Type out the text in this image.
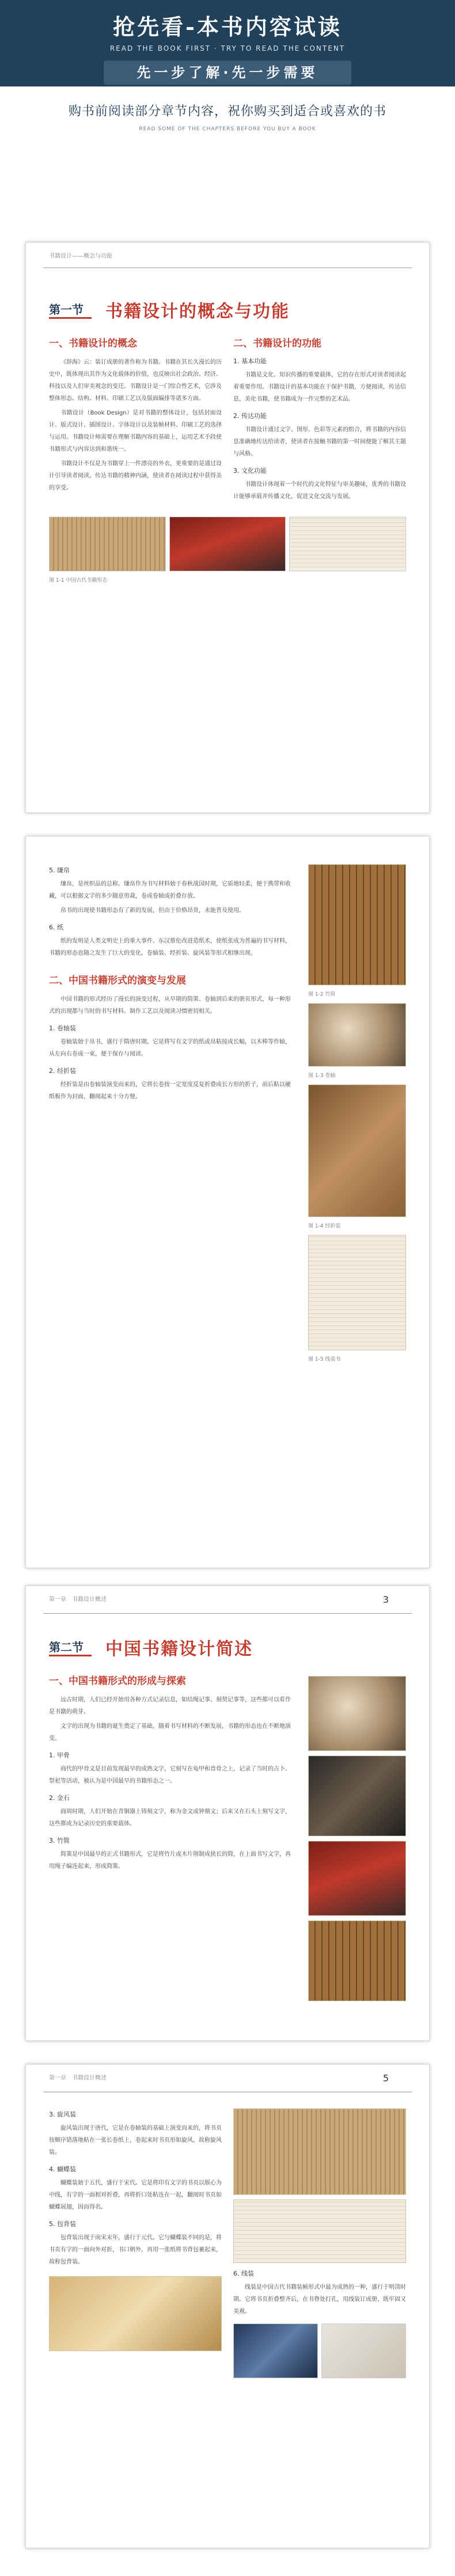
抢先看-本书内容试读
READ THE BOOK FIRST · TRY TO READ THE CONTENT
先一步了解·先一步需要
购书前阅读部分章节内容，祝你购买到适合或喜欢的书
READ SOME OF THE CHAPTERS BEFORE YOU BUY A BOOK
书籍设计——概念与功能
第一节	书籍设计的概念与功能
一、书籍设计的概念

《辞海》云：装订成册的著作称为书籍。书籍在其长久漫长的历史中，既体现出其作为文化载体的价值，也反映出社会政治、经济、科技以及人们审美观念的变迁。书籍设计是一门综合性艺术，它涉及整体形态、结构、材料、印刷工艺以及版面编排等诸多方面。

书籍设计（Book Design）是对书籍的整体设计，包括封面设计、版式设计、插图设计、字体设计以及装帧材料、印刷工艺的选择与运用。书籍设计师需要在理解书籍内容的基础上，运用艺术手段使书籍形式与内容达到和谐统一。

书籍设计不仅是为书籍穿上一件漂亮的外衣，更重要的是通过设计引导读者阅读，传达书籍的精神内涵，使读者在阅读过程中获得美的享受。

二、书籍设计的功能
1. 基本功能

书籍是文化、知识传播的重要载体，它的存在形式对读者阅读起着重要作用。书籍设计的基本功能在于保护书籍，方便阅读，传达信息，美化书籍，使书籍成为一件完整的艺术品。

2. 传达功能

书籍设计通过文字、图形、色彩等元素的组合，将书籍的内容信息准确地传达给读者，使读者在接触书籍的第一时间便能了解其主题与风格。

3. 文化功能

书籍设计体现着一个时代的文化特征与审美趣味，优秀的书籍设计能够承载并传播文化，促进文化交流与发展。

图 1-1 中国古代书籍形态
5. 缣帛

缣帛，是丝织品的总称。缣帛作为书写材料始于春秋战国时期，它质地轻柔，便于携带和收藏，可以根据文字的多少随意剪裁，卷成卷轴或折叠存放。

帛书的出现使书籍形态有了新的发展，但由于价格昂贵，未能普及使用。

6. 纸

纸的发明是人类文明史上的重大事件。东汉蔡伦改进造纸术，使纸张成为普遍的书写材料，书籍的形态也随之发生了巨大的变化，卷轴装、经折装、旋风装等形式相继出现。

二、中国书籍形式的演变与发展

中国书籍的形式经历了漫长的演变过程，从早期的简策、卷轴到后来的册页形式，每一种形式的出现都与当时的书写材料、制作工艺以及阅读习惯密切相关。

1. 卷轴装

卷轴装始于帛书，盛行于隋唐时期。它是将写有文字的纸或帛粘接成长幅，以木棒等作轴，从左向右卷成一束，便于保存与阅读。

2. 经折装

经折装是由卷轴装演变而来的，它将长卷按一定宽度反复折叠成长方形的折子，前后粘以硬纸板作为封面，翻阅起来十分方便。

图 1-2 竹简
图 1-3 卷轴
图 1-4 经折装
图 1-5 线装书
第一章　书籍设计概述	3
第二节	中国书籍设计简述
一、中国书籍形式的形成与探索

远古时期，人们已经开始用各种方式记录信息，如结绳记事、刻契记事等，这些都可以看作是书籍的萌芽。

文字的出现为书籍的诞生奠定了基础，随着书写材料的不断发展，书籍的形态也在不断地演变。

1. 甲骨

商代的甲骨文是目前发现最早的成熟文字，它刻写在龟甲和兽骨之上，记录了当时的占卜、祭祀等活动，被认为是中国最早的书籍形态之一。

2. 金石

商周时期，人们开始在青铜器上铸刻文字，称为金文或钟鼎文；后来又在石头上刻写文字，这些都成为记录历史的重要载体。

3. 竹简

简策是中国最早的正式书籍形式，它是将竹片或木片削制成狭长的简，在上面书写文字，再用绳子编连起来，形成简策。

第一章　书籍设计概述	5
3. 旋风装

旋风装出现于唐代，它是在卷轴装的基础上演变而来的，将书页按顺序错落地粘在一张长卷纸上，卷起来时书页形如旋风，故称旋风装。

4. 蝴蝶装

蝴蝶装始于五代，盛行于宋代。它是将印有文字的书页以版心为中线，有字的一面相对折叠，再将折口处粘连在一起，翻阅时书页如蝴蝶展翅，因而得名。

5. 包背装

包背装出现于南宋末年，盛行于元代。它与蝴蝶装不同的是，将书页有字的一面向外对折，书口朝外，再用一张纸将书背包裹起来，故称包背装。

6. 线装

线装是中国古代书籍装帧形式中最为成熟的一种，盛行于明清时期。它将书页折叠整齐后，在书脊处打孔，用线装订成册，既牢固又美观。
